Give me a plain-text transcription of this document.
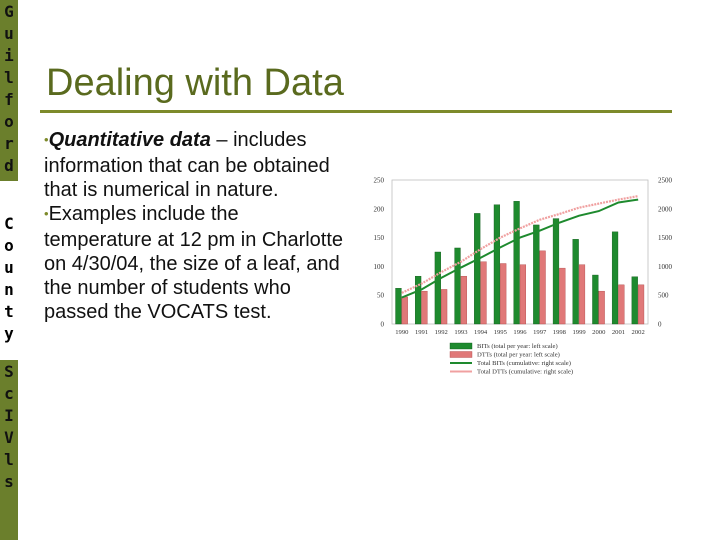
G
u
i
l
f
o
r
d
C
o
u
n
t
y
S
c
I
V
l
s
Dealing with Data
•Quantitative data – includes information that can be obtained that is numerical in nature.
•Examples include the temperature at 12 pm in Charlotte on 4/30/04, the size of a leaf, and the number of students who passed the VOCATS test.
0
50
100
150
200
250
0
500
1000
1500
2000
2500
1990 1991 1992 1993 1994 1995 1996 1997 1998 1999 2000 2001 2002
BITs (total per year: left scale)
DTTs (total per year: left scale)
Total BITs (cumulative: right scale)
Total DTTs (cumulative: right scale)
